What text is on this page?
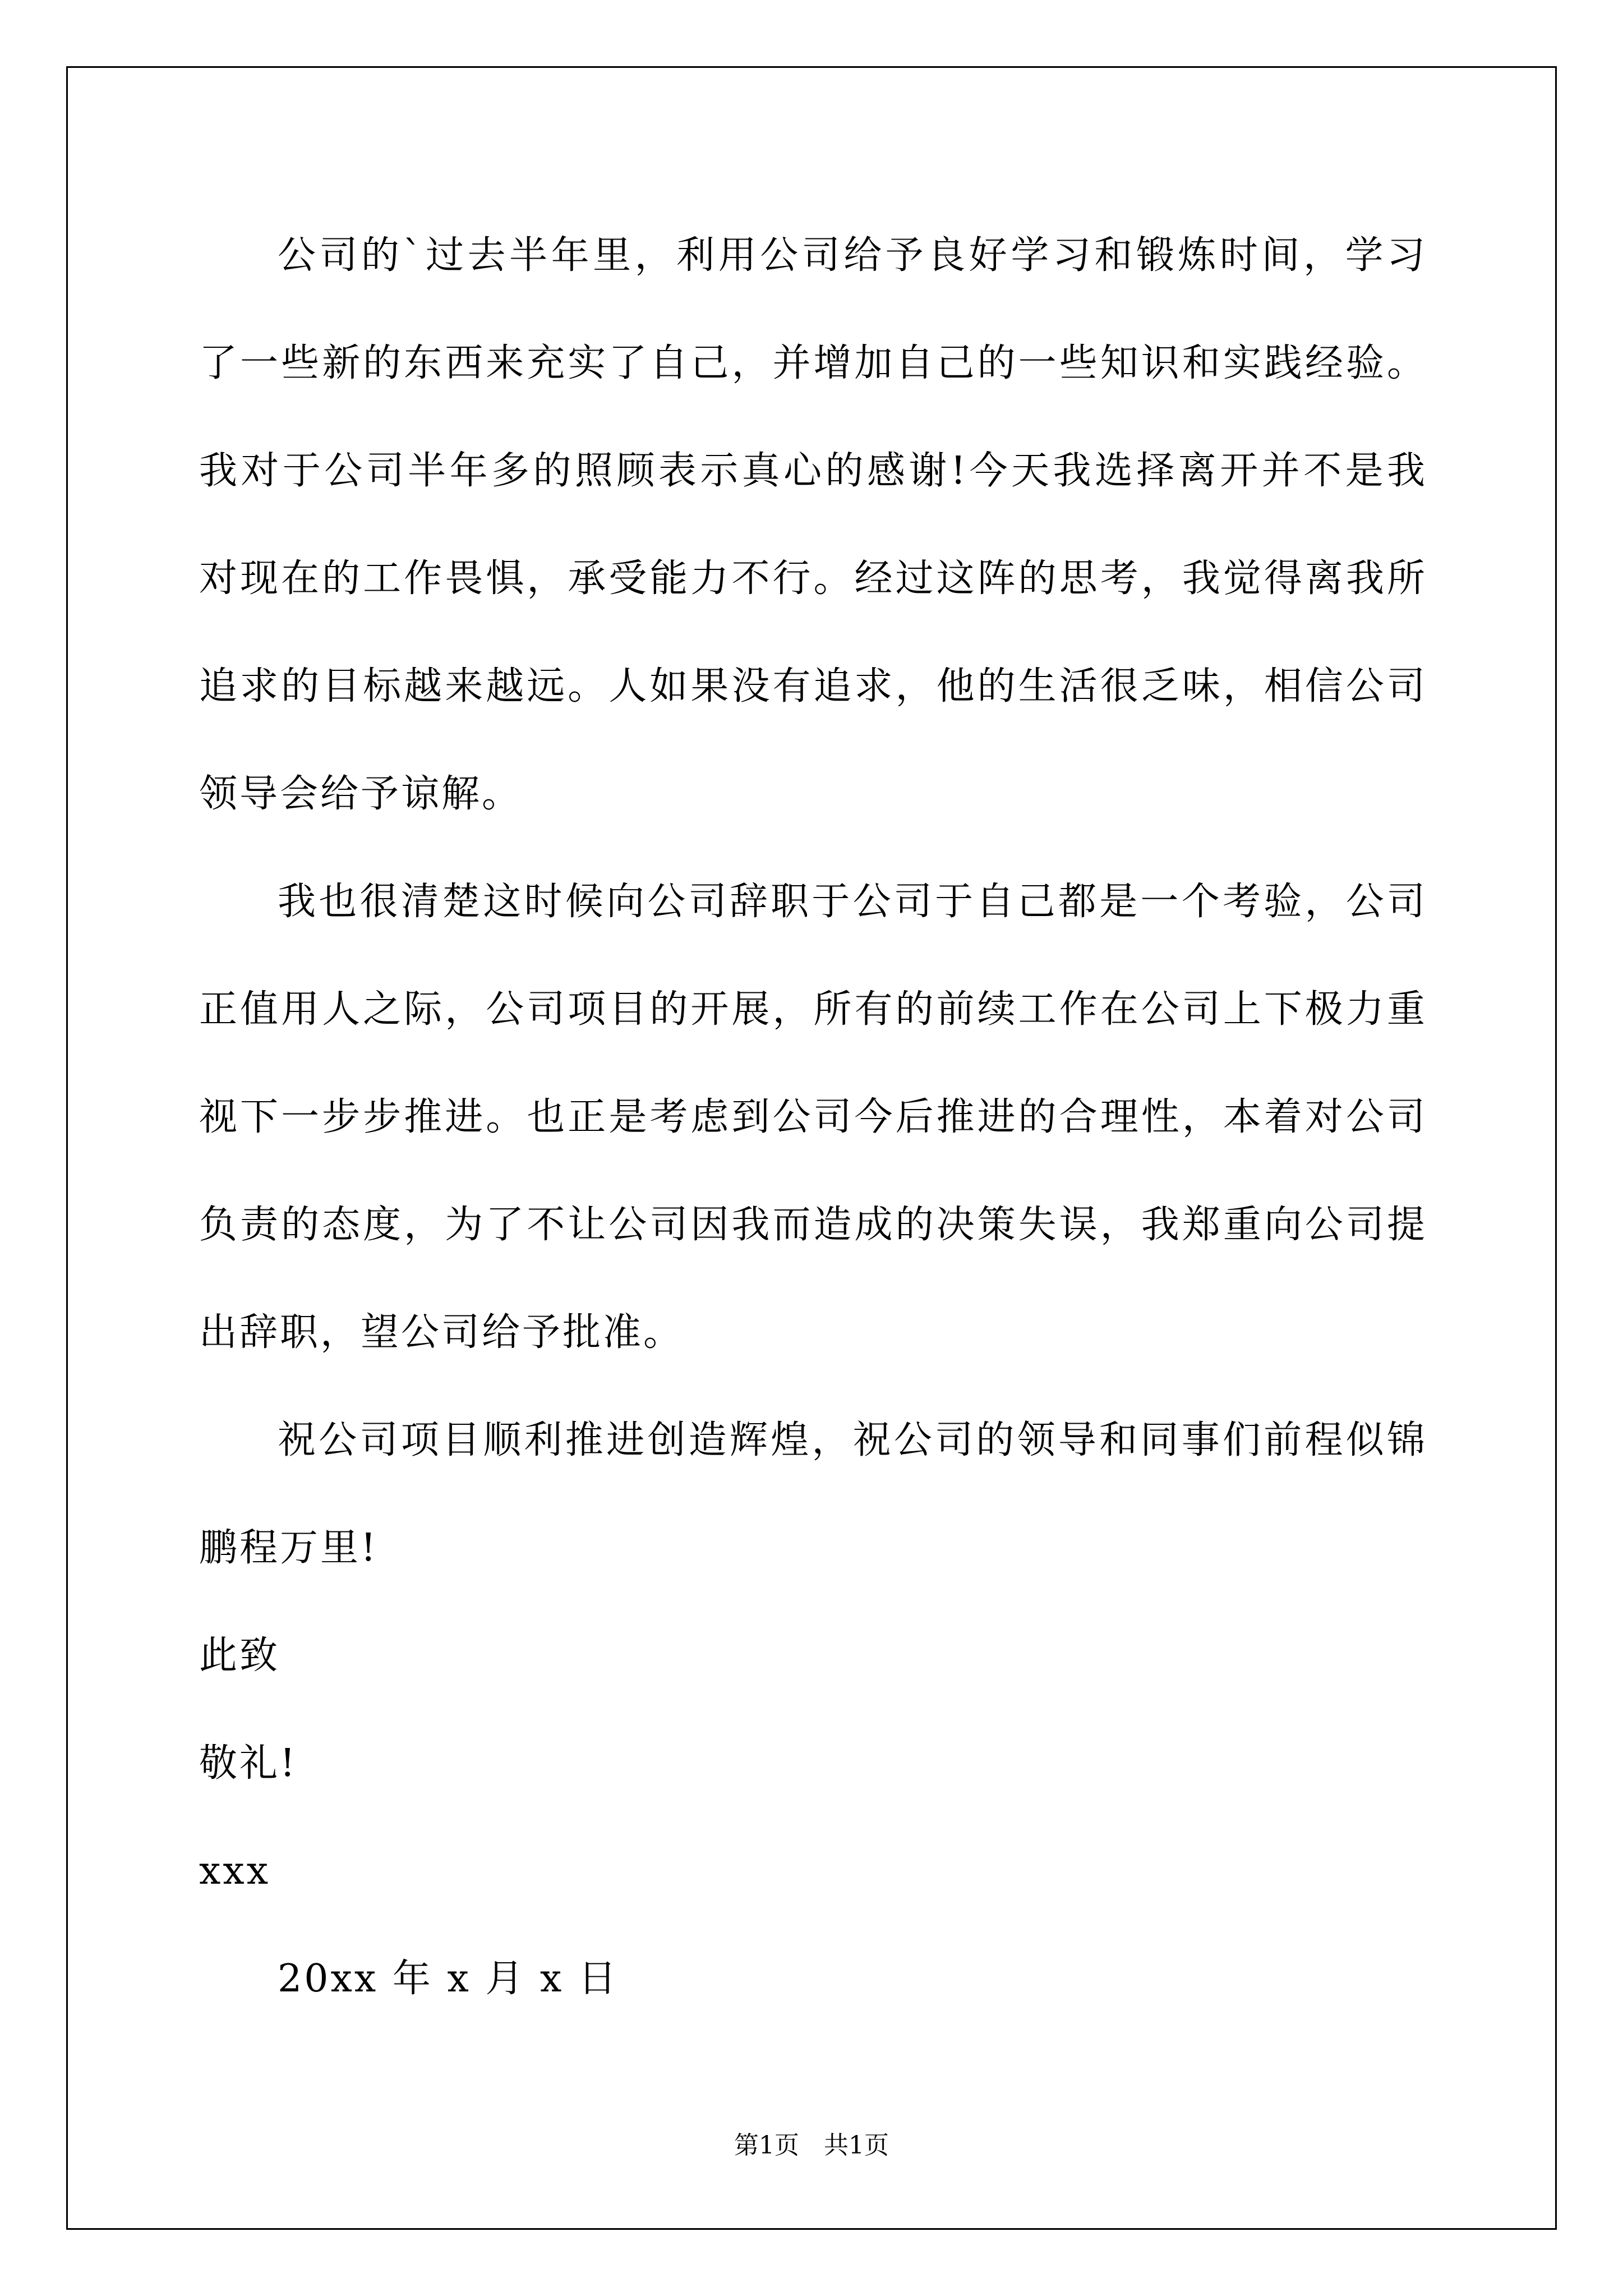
公司的`过去半年里，利用公司给予良好学习和锻炼时间，学习了一些新的东西来充实了自己，并增加自己的一些知识和实践经验。我对于公司半年多的照顾表示真心的感谢!今天我选择离开并不是我对现在的工作畏惧，承受能力不行。经过这阵的思考，我觉得离我所追求的目标越来越远。人如果没有追求，他的生活很乏味，相信公司领导会给予谅解。

我也很清楚这时候向公司辞职于公司于自己都是一个考验，公司正值用人之际，公司项目的开展，所有的前续工作在公司上下极力重视下一步步推进。也正是考虑到公司今后推进的合理性，本着对公司负责的态度，为了不让公司因我而造成的决策失误，我郑重向公司提出辞职，望公司给予批准。

祝公司项目顺利推进创造辉煌，祝公司的领导和同事们前程似锦鹏程万里!

此致

敬礼!

xxx

20xx 年 x 月 x 日

第1页　共1页
